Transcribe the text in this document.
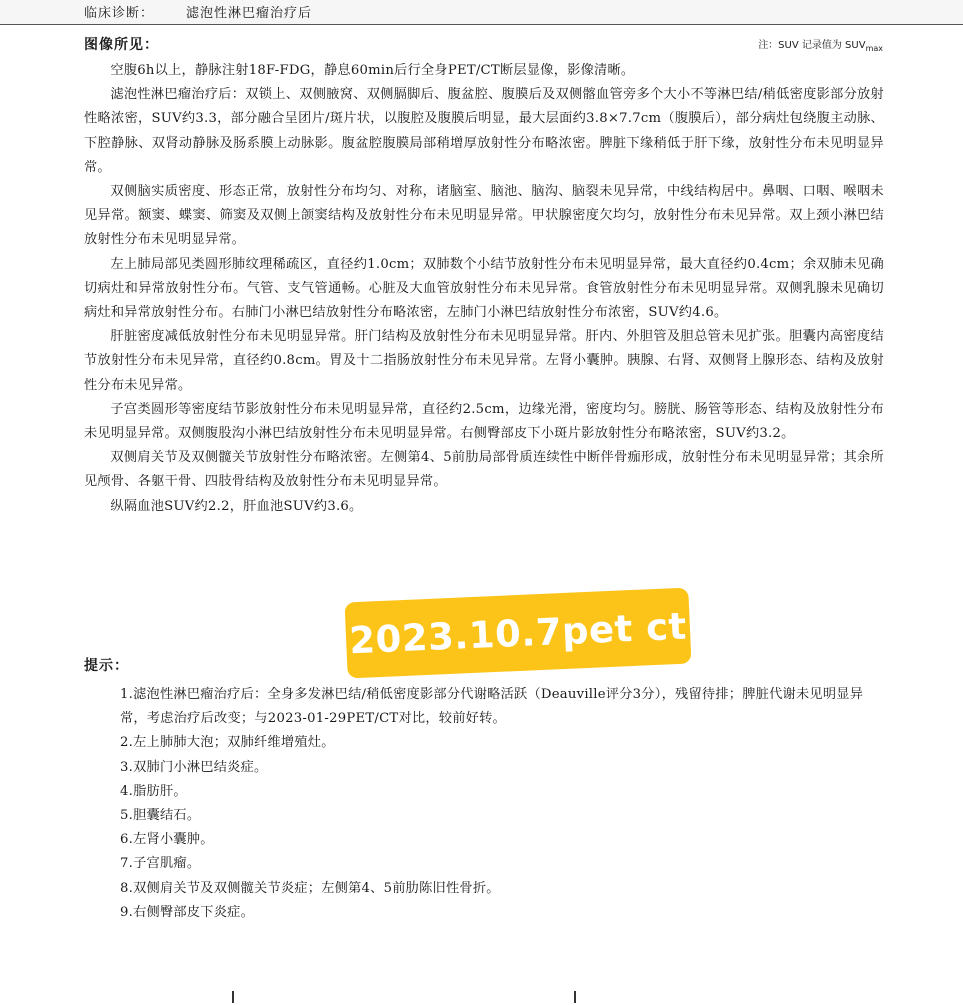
临床诊断： 滤泡性淋巴瘤治疗后
图像所见：	注：SUV 记录值为 $SUV_{max}$

空腹6h以上，静脉注射18F-FDG，静息60min后行全身PET/CT断层显像，影像清晰。

滤泡性淋巴瘤治疗后：双锁上、双侧腋窝、双侧膈脚后、腹盆腔、腹膜后及双侧髂血管旁多个大小不等淋巴结/稍低密度影部分放射性略浓密，SUV约3.3，部分融合呈团片/斑片状，以腹腔及腹膜后明显，最大层面约3.8×7.7cm（腹膜后），部分病灶包绕腹主动脉、下腔静脉、双肾动静脉及肠系膜上动脉影。腹盆腔腹膜局部稍增厚放射性分布略浓密。脾脏下缘稍低于肝下缘，放射性分布未见明显异常。

双侧脑实质密度、形态正常，放射性分布均匀、对称，诸脑室、脑池、脑沟、脑裂未见异常，中线结构居中。鼻咽、口咽、喉咽未见异常。额窦、蝶窦、筛窦及双侧上颌窦结构及放射性分布未见明显异常。甲状腺密度欠均匀，放射性分布未见异常。双上颈小淋巴结放射性分布未见明显异常。

左上肺局部见类圆形肺纹理稀疏区，直径约1.0cm；双肺数个小结节放射性分布未见明显异常，最大直径约0.4cm；余双肺未见确切病灶和异常放射性分布。气管、支气管通畅。心脏及大血管放射性分布未见异常。食管放射性分布未见明显异常。双侧乳腺未见确切病灶和异常放射性分布。右肺门小淋巴结放射性分布略浓密，左肺门小淋巴结放射性分布浓密，SUV约4.6。

肝脏密度减低放射性分布未见明显异常。肝门结构及放射性分布未见明显异常。肝内、外胆管及胆总管未见扩张。胆囊内高密度结节放射性分布未见异常，直径约0.8cm。胃及十二指肠放射性分布未见异常。左肾小囊肿。胰腺、右肾、双侧肾上腺形态、结构及放射性分布未见异常。

子宫类圆形等密度结节影放射性分布未见明显异常，直径约2.5cm，边缘光滑，密度均匀。膀胱、肠管等形态、结构及放射性分布未见明显异常。双侧腹股沟小淋巴结放射性分布未见明显异常。右侧臀部皮下小斑片影放射性分布略浓密，SUV约3.2。

双侧肩关节及双侧髋关节放射性分布略浓密。左侧第4、5前肋局部骨质连续性中断伴骨痂形成，放射性分布未见明显异常；其余所见颅骨、各躯干骨、四肢骨结构及放射性分布未见明显异常。

纵隔血池SUV约2.2，肝血池SUV约3.6。

2023.10.7pet ct
提示：
1.滤泡性淋巴瘤治疗后：全身多发淋巴结/稍低密度影部分代谢略活跃（Deauville评分3分），残留待排；脾脏代谢未见明显异常，考虑治疗后改变；与2023-01-29PET/CT对比，较前好转。
2.左上肺肺大泡；双肺纤维增殖灶。
3.双肺门小淋巴结炎症。
4.脂肪肝。
5.胆囊结石。
6.左肾小囊肿。
7.子宫肌瘤。
8.双侧肩关节及双侧髋关节炎症；左侧第4、5前肋陈旧性骨折。
9.右侧臀部皮下炎症。
